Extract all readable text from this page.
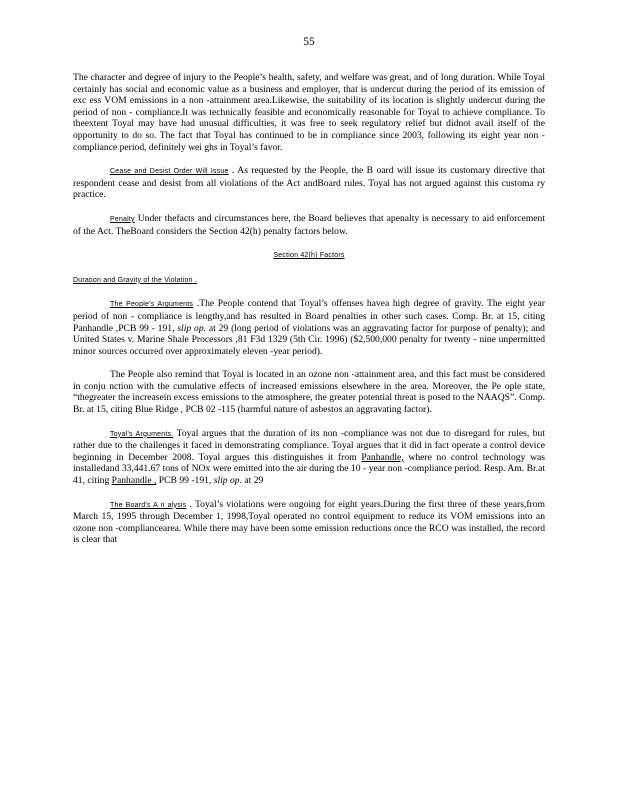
55

The character and degree of injury to the People’s health, safety, and welfare was great, and of long duration. While Toyal certainly has social and economic value as a business and employer, that is undercut during the period of its emission of exc ess VOM emissions in a non -attainment area.Likewise, the suitability of its location is slightly undercut during the period of non - compliance.It was technically feasible and economically reasonable for Toyal to achieve compliance. To theextent Toyal may have had unusual difficulties, it was free to seek regulatory relief but didnot avail itself of the opportunity to do so. The fact that Toyal has continued to be in compliance since 2003, following its eight year non -compliance period, definitely wei ghs in Toyal’s favor.

Cease and Desist Order Will Issue . As requested by the People, the B oard will issue its customary directive that respondent cease and desist from all violations of the Act andBoard rules. Toyal has not argued against this customa ry practice.

Penalty Under thefacts and circumstances here, the Board believes that apenalty is necessary to aid enforcement of the Act. TheBoard considers the Section 42(h) penalty factors below.

Section 42(h) Factors

Duration and Gravity of the Violation .

The People’s Arguments .The People contend that Toyal’s offenses havea high degree of gravity. The eight year period of non - compliance is lengthy,and has resulted in Board penalties in other such cases. Comp. Br. at 15, citing Panhandle ,PCB 99 - 191, slip op. at 29 (long period of violations was an aggravating factor for purpose of penalty); and United States v. Marine Shale Processors ,81 F3d 1329 (5th Cir. 1996) ($2,500,000 penalty for twenty - nine unpermitted minor sources occurred over approximately eleven -year period).

The People also remind that Toyal is located in an ozone non -attainment area, and this fact must be considered in conju nction with the cumulative effects of increased emissions elsewhere in the area. Moreover, the Pe ople state, “thegreater the increasein excess emissions to the atmosphere, the greater potential threat is posed to the NAAQS”. Comp. Br. at 15, citing Blue Ridge , PCB 02 -115 (harmful nature of asbestos an aggravating factor).

Toyal’s Arguments. Toyal argues that the duration of its non -compliance was not due to disregard for rules, but rather due to the challenges it faced in demonstrating compliance. Toyal argues that it did in fact operate a control device beginning in December 2008. Toyal argues this distinguishes it from Panhandle, where no control technology was installedand 33,441.67 tons of NOx were emitted into the air during the 10 - year non -compliance period. Resp. Am. Br.at 41, citing Panhandle , PCB 99 -191, slip op. at 29

The Board’s A n alysis . Toyal’s violations were ongoing for eight years.During the first three of these years,from March 15, 1995 through December 1, 1998,Toyal operated no control equipment to reduce its VOM emissions into an ozone non -compliancearea. While there may have been some emission reductions once the RCO was installed, the record is clear that
